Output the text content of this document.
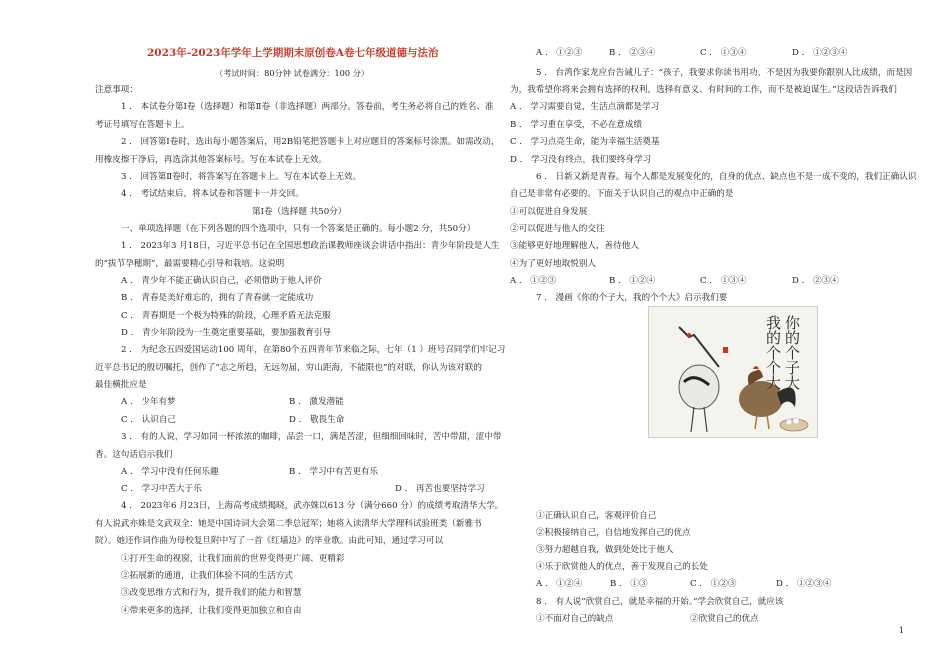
2023年-2023年学年上学期期末原创卷A卷七年级道德与法治
（考试时间：80分钟 试卷满分：100 分）
注意事项：
1 ． 本试卷分第Ⅰ卷（选择题）和第Ⅱ卷（非选择题）两部分。答卷前，考生务必将自己的姓名、准
考证号填写在答题卡上。
2 ． 回答第Ⅰ卷时，选出每小题答案后，用2B铅笔把答题卡上对应题目的答案标号涂黑。如需改动，
用橡皮擦干净后，再选涂其他答案标号。写在本试卷上无效。
3 ． 回答第Ⅱ卷时，将答案写在答题卡上。写在本试卷上无效。
4 ． 考试结束后，将本试卷和答题卡一并交回。
第Ⅰ卷（选择题 共50分）
一、单项选择题（在下列各题的四个选项中，只有一个答案是正确的。每小题2 分，共50分）
1 ． 2023年3 月18日，习近平总书记在全国思想政治课教师座谈会讲话中指出：青少年阶段是人生
的“拔节孕穗期”，最需要精心引导和栽培。这说明
A ． 青少年不能正确认识自己，必须借助于他人评价
B ． 青春是美好难忘的，拥有了青春就一定能成功
C ． 青春期是一个极为特殊的阶段，心理矛盾无法克服
D ． 青少年阶段为一生奠定重要基础，要加强教育引导
2 ． 为纪念五四爱国运动100 周年，在第80个五四青年节来临之际，七年（1 ）班号召同学们牢记习
近平总书记的殷切嘱托，创作了“志之所趋，无远勿届，穷山距海，不能限也”的对联，你认为该对联的
最佳横批应是
A ． 少年有梦	B ． 激发潜能
C ． 认识自己	D ． 敬畏生命
3 ． 有的人说，学习如同一杯浓浓的咖啡，品尝一口，满是苦涩，但细细回味时，苦中带甜，涩中带
香。这句话启示我们
A ． 学习中没有任何乐趣	B ． 学习中有苦更有乐
C ． 学习中苦大于乐	D ． 再苦也要坚持学习
4 ． 2023年6 月23日，上海高考成绩揭晓，武亦姝以613 分（满分660 分）的成绩考取清华大学。
有人说武亦姝是文武双全：她是中国诗词大会第二季总冠军；她将入读清华大学理科试验班类（新雅书
院）。她还作词作曲为母校复旦附中写了一首《红墙边》的毕业歌。由此可知，通过学习可以
①打开生命的视窗，让我们面前的世界变得更广阔、更精彩
②拓展新的通道，让我们体验不同的生活方式
③改变思维方式和行为，提升我们的能力和智慧
④带来更多的选择，让我们变得更加独立和自由
A ． ①②③	B ． ②③④	C ． ①③④	D ． ①②③④
5 ． 台湾作家龙应台告诫儿子：“孩子，我要求你读书用功，不是因为我要你跟别人比成绩，而是因
为，我希望你将来会拥有选择的权利，选择有意义、有时间的工作，而不是被迫谋生。”这段话告诉我们
A ． 学习需要自觉，生活点滴都是学习
B ． 学习重在享受，不必在意成绩
C ． 学习点亮生命，能为幸福生活奠基
D ． 学习没有终点，我们要终身学习
6 ． 日新又新是青春。每个人都是发展变化的，自身的优点、缺点也不是一成不变的，我们正确认识
自己是非常有必要的。下面关于认识自己的观点中正确的是
①可以促进自身发展
②可以促进与他人的交往
③能够更好地理解他人，善待他人
④为了更好地取悦别人
A ． ①②③	B ． ①②④	C ． ①③④	D ． ②③④
7 ． 漫画《你的个子大，我的个个大》启示我们要
你的个子大 我的个个大
①正确认识自己，客观评价自己
②积极接纳自己，自信地发挥自己的优点
③努力超越自我，做到处处比于他人
④乐于欣赏他人的优点，善于发现自己的长处
A ． ①②④	B ． ①③	C ． ①②③	D ． ①②③④
8 ． 有人说“欣赏自己，就是幸福的开始。”学会欣赏自己，就应该
①不面对自己的缺点	②欣赏自己的优点
1
